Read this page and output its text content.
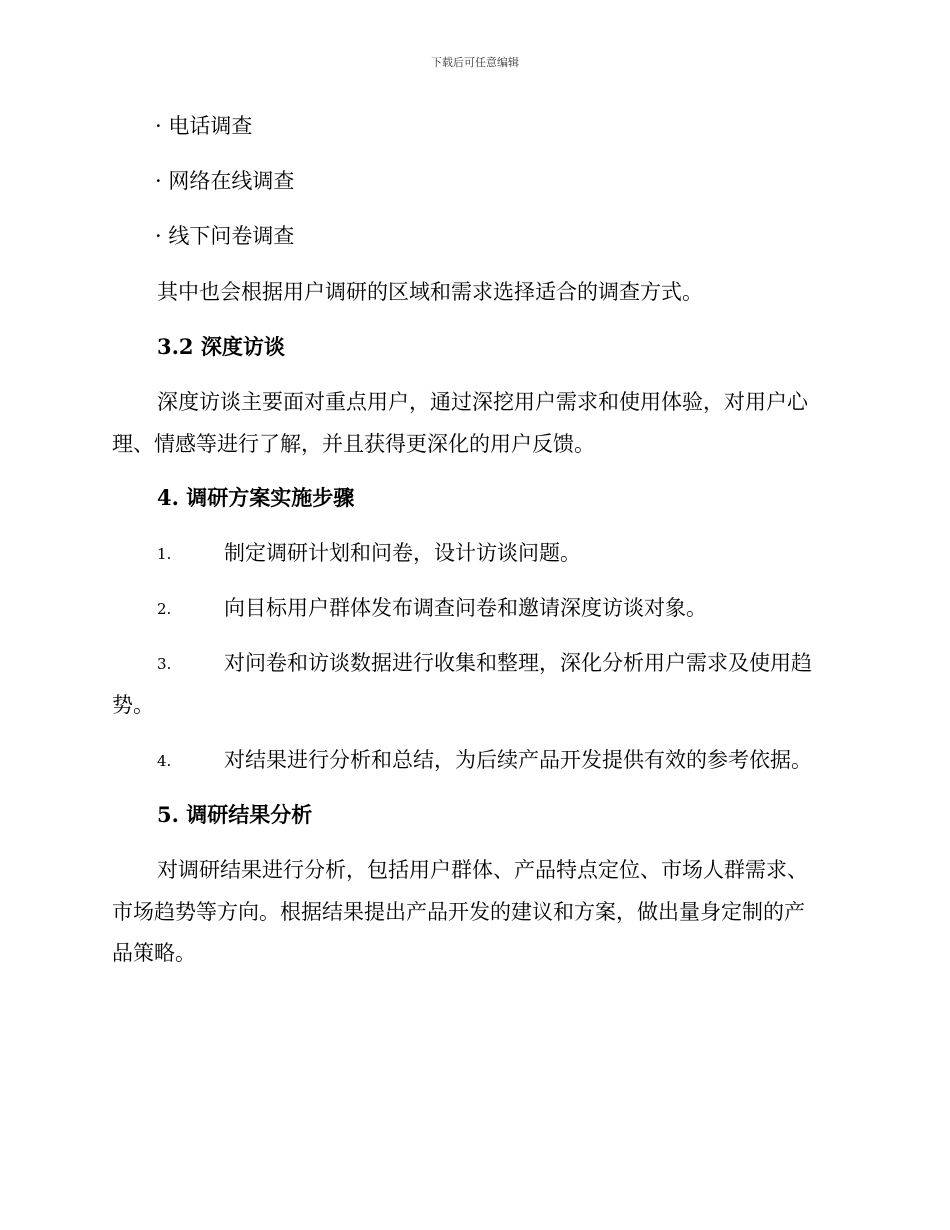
下载后可任意编辑
· 电话调查
· 网络在线调查
· 线下问卷调查
其中也会根据用户调研的区域和需求选择适合的调查方式。
3.2 深度访谈
深度访谈主要面对重点用户，通过深挖用户需求和使用体验，对用户心
理、情感等进行了解，并且获得更深化的用户反馈。
4. 调研方案实施步骤
1.	制定调研计划和问卷，设计访谈问题。
2.	向目标用户群体发布调查问卷和邀请深度访谈对象。
3.	对问卷和访谈数据进行收集和整理，深化分析用户需求及使用趋
势。
4.	对结果进行分析和总结，为后续产品开发提供有效的参考依据。
5. 调研结果分析
对调研结果进行分析，包括用户群体、产品特点定位、市场人群需求、
市场趋势等方向。根据结果提出产品开发的建议和方案，做出量身定制的产
品策略。
